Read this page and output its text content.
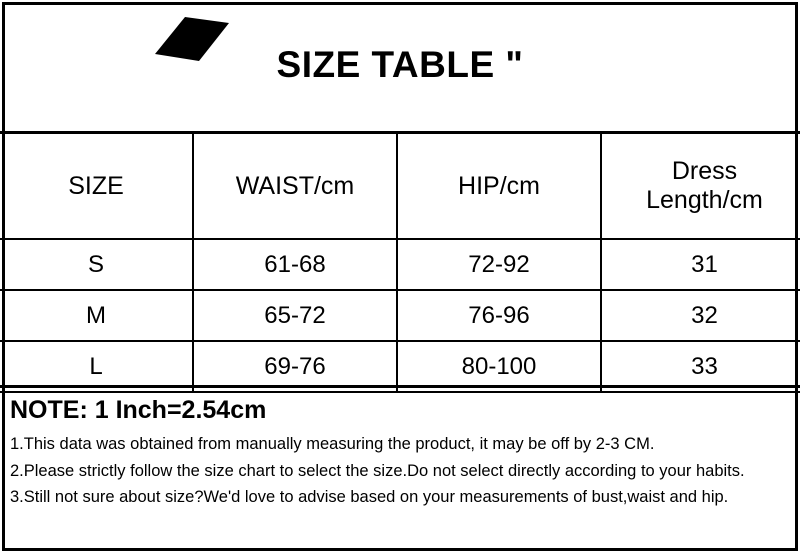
SIZE TABLE "
SIZE	WAIST/cm	HIP/cm	Dress
Length/cm

S	61-68	72-92	31
M	65-72	76-96	32
L	69-76	80-100	33
NOTE: 1 Inch=2.54cm
1.This data was obtained from manually measuring the product, it may be off by 2-3 CM.
2.Please strictly follow the size chart to select the size.Do not select directly according to your habits.
3.Still not sure about size?We'd love to advise based on your measurements of bust,waist and hip.
